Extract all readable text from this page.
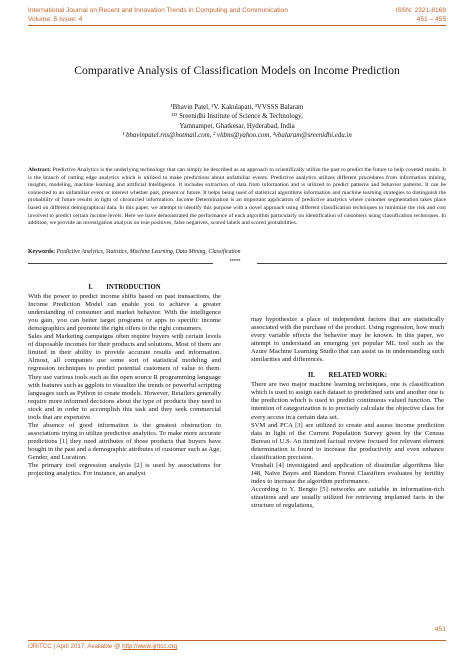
International Journal on Recent and Innovation Trends in Computing and Communication	ISSN: 2321-8169
Volume: 5 Issue: 4	451 – 455
Comparative Analysis of Classification Models on Income Prediction
¹Bhavin Patel, ²V. Kakulapati, ³VVSSS Balaram
¹²³ Sreenidhi Institute of Science & Technology,
Yamnampet, Ghatkesar, Hyderabad, India
¹ bhavinpatel.rns@hotmail.com, ² vldms@yahoo.com, ³vbalaram@sreenidhi.edu.in

Abstract: Predictive Analytics is the underlying technology that can simply be described as an approach to scientifically utilize the past to predict the future to help coveted results. It is the branch of cutting edge analytics which is utilized to make predictions about unfamiliar events. Predictive analytics utilizes different procedures from information mining, insights, modeling, machine learning and artificial Intelligence. It includes extraction of data from information and is utilized to predict patterns and behavior patterns. It can be connected to an unfamiliar event or interest whether past, present or future. It helps being used of statistical algorithms information and machine learning strategies to distinguish the probability of future results in light of chronicled information. Income Determination is an important application of predictive analytics where customer segmentation takes place based on different demographical data. In this paper, we attempt to identify this purpose with a novel approach using different classification techniques to minimize the risk and cost involved to predict certain income levels. Here we have demonstrated the performance of each algorithm particularly on identification of customers using classification techniques. In addition, we provide an investigation analysis on true positives, false negatives, scored labels and scored probabilities.

Keywords: Predictive Analytics, Statistics, Machine Learning, Data Mining, Classification

*****
I.        INTRODUCTION

With the power to predict income shifts based on past transactions, the Income Prediction Model can enable you to achieve a greater understanding of consumer and market behavior. With the intelligence you gain, you can better target programs or apps to specific income demographics and promote the right offers to the right consumers.

Sales and Marketing campaigns often require buyers with certain levels of disposable incomes for their products and solutions. Most of them are limited in their ability to provide accurate results and information. Almost, all companies use some sort of statistical modeling and regression techniques to predict potential customers of value to them. They use various tools such as the open source R programming language with features such as ggplots to visualize the trends or powerful scripting languages such as Python to create models. However, Retailers generally require more informed decisions about the type of products they need to stock and in order to accomplish this task and they seek commercial tools that are expensive.

The absence of good information is the greatest obstruction to associations trying to utilize predictive analytics. To make more accurate predictions [1] they need attributes of those products that buyers have bought in the past and a demographic attributes of customer such as Age, Gender, and Location.

The primary tool regression analysis [2] is used by associations for projecting analytics. For instance, an analyst

may hypothesize a place of independent factors that are statistically associated with the purchase of the product. Using regression, how much every variable effects the behavior may be known. In this paper, we attempt to understand an emerging yet popular ML tool such as the Azure Machine Learning Studio that can assist us in understanding such similarities and differences.

II.        RELATED WORK:

There are two major machine learning techniques, one is classification which is used to assign each dataset to predefined sets and another one is the prediction which is used to predict continuous valued function. The intention of categorization is to precisely calculate the objective class for every access in a certain data set.

SVM and PCA [3] are utilized to create and assess income prediction data in light of the Current Population Survey given by the Census Bureau of U.S. An itemized factual review focused for relevant element determination is found to increase the productivity and even enhance classification precision.

Vrushali [4] investigated and application of dissimilar algorithms like J48, Naïve Bayes and Random Forest Classifiers evaluates by fertility index to increase the algorithm performance.

According to Y. Bengio [5] networks are suitable in information-rich situations and are usually utilized for retrieving implanted facts in the structure of regulations,

451
IJRITCC | April 2017, Available @ http://www.ijritcc.org
